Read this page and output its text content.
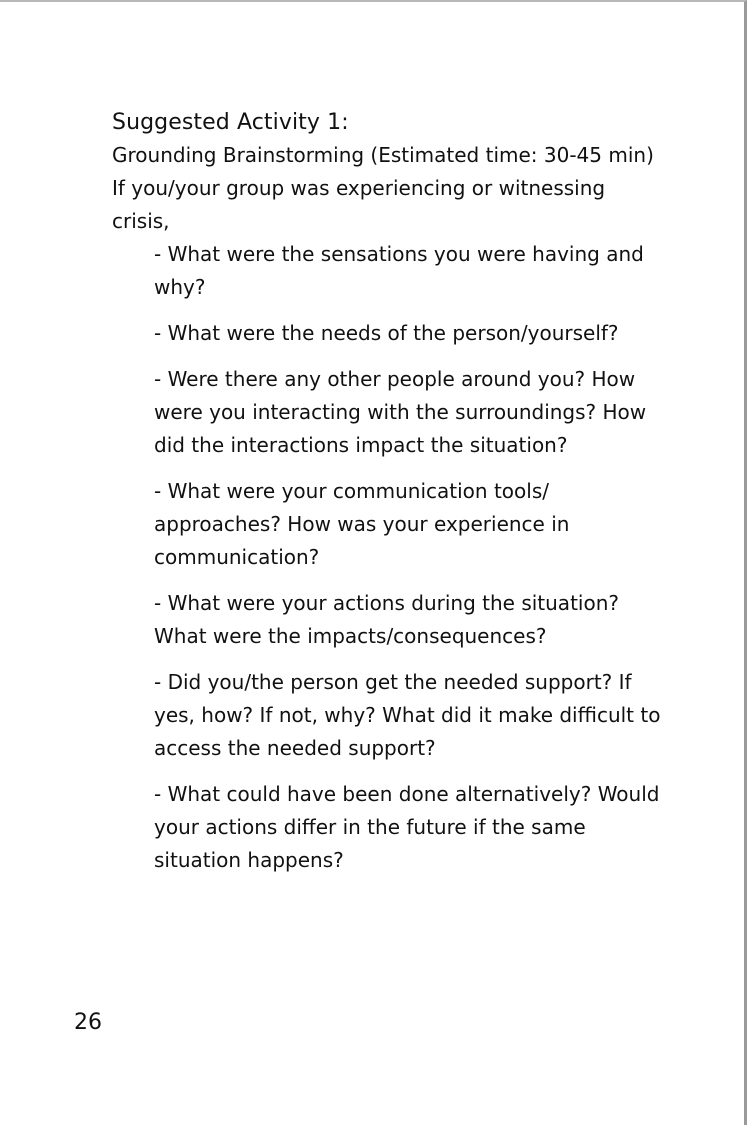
Suggested Activity 1:

Grounding Brainstorming (Estimated time: 30-45 min)

If you/your group was experiencing or witnessing crisis,

- What were the sensations you were having and why?
- What were the needs of the person/yourself?
- Were there any other people around you? How were you interacting with the surroundings? How did the interactions impact the situation?
- What were your communication tools/ approaches? How was your experience in communication?
- What were your actions during the situation? What were the impacts/consequences?
- Did you/the person get the needed support? If yes, how? If not, why? What did it make difficult to access the needed support?
- What could have been done alternatively? Would your actions differ in the future if the same situation happens?
26
